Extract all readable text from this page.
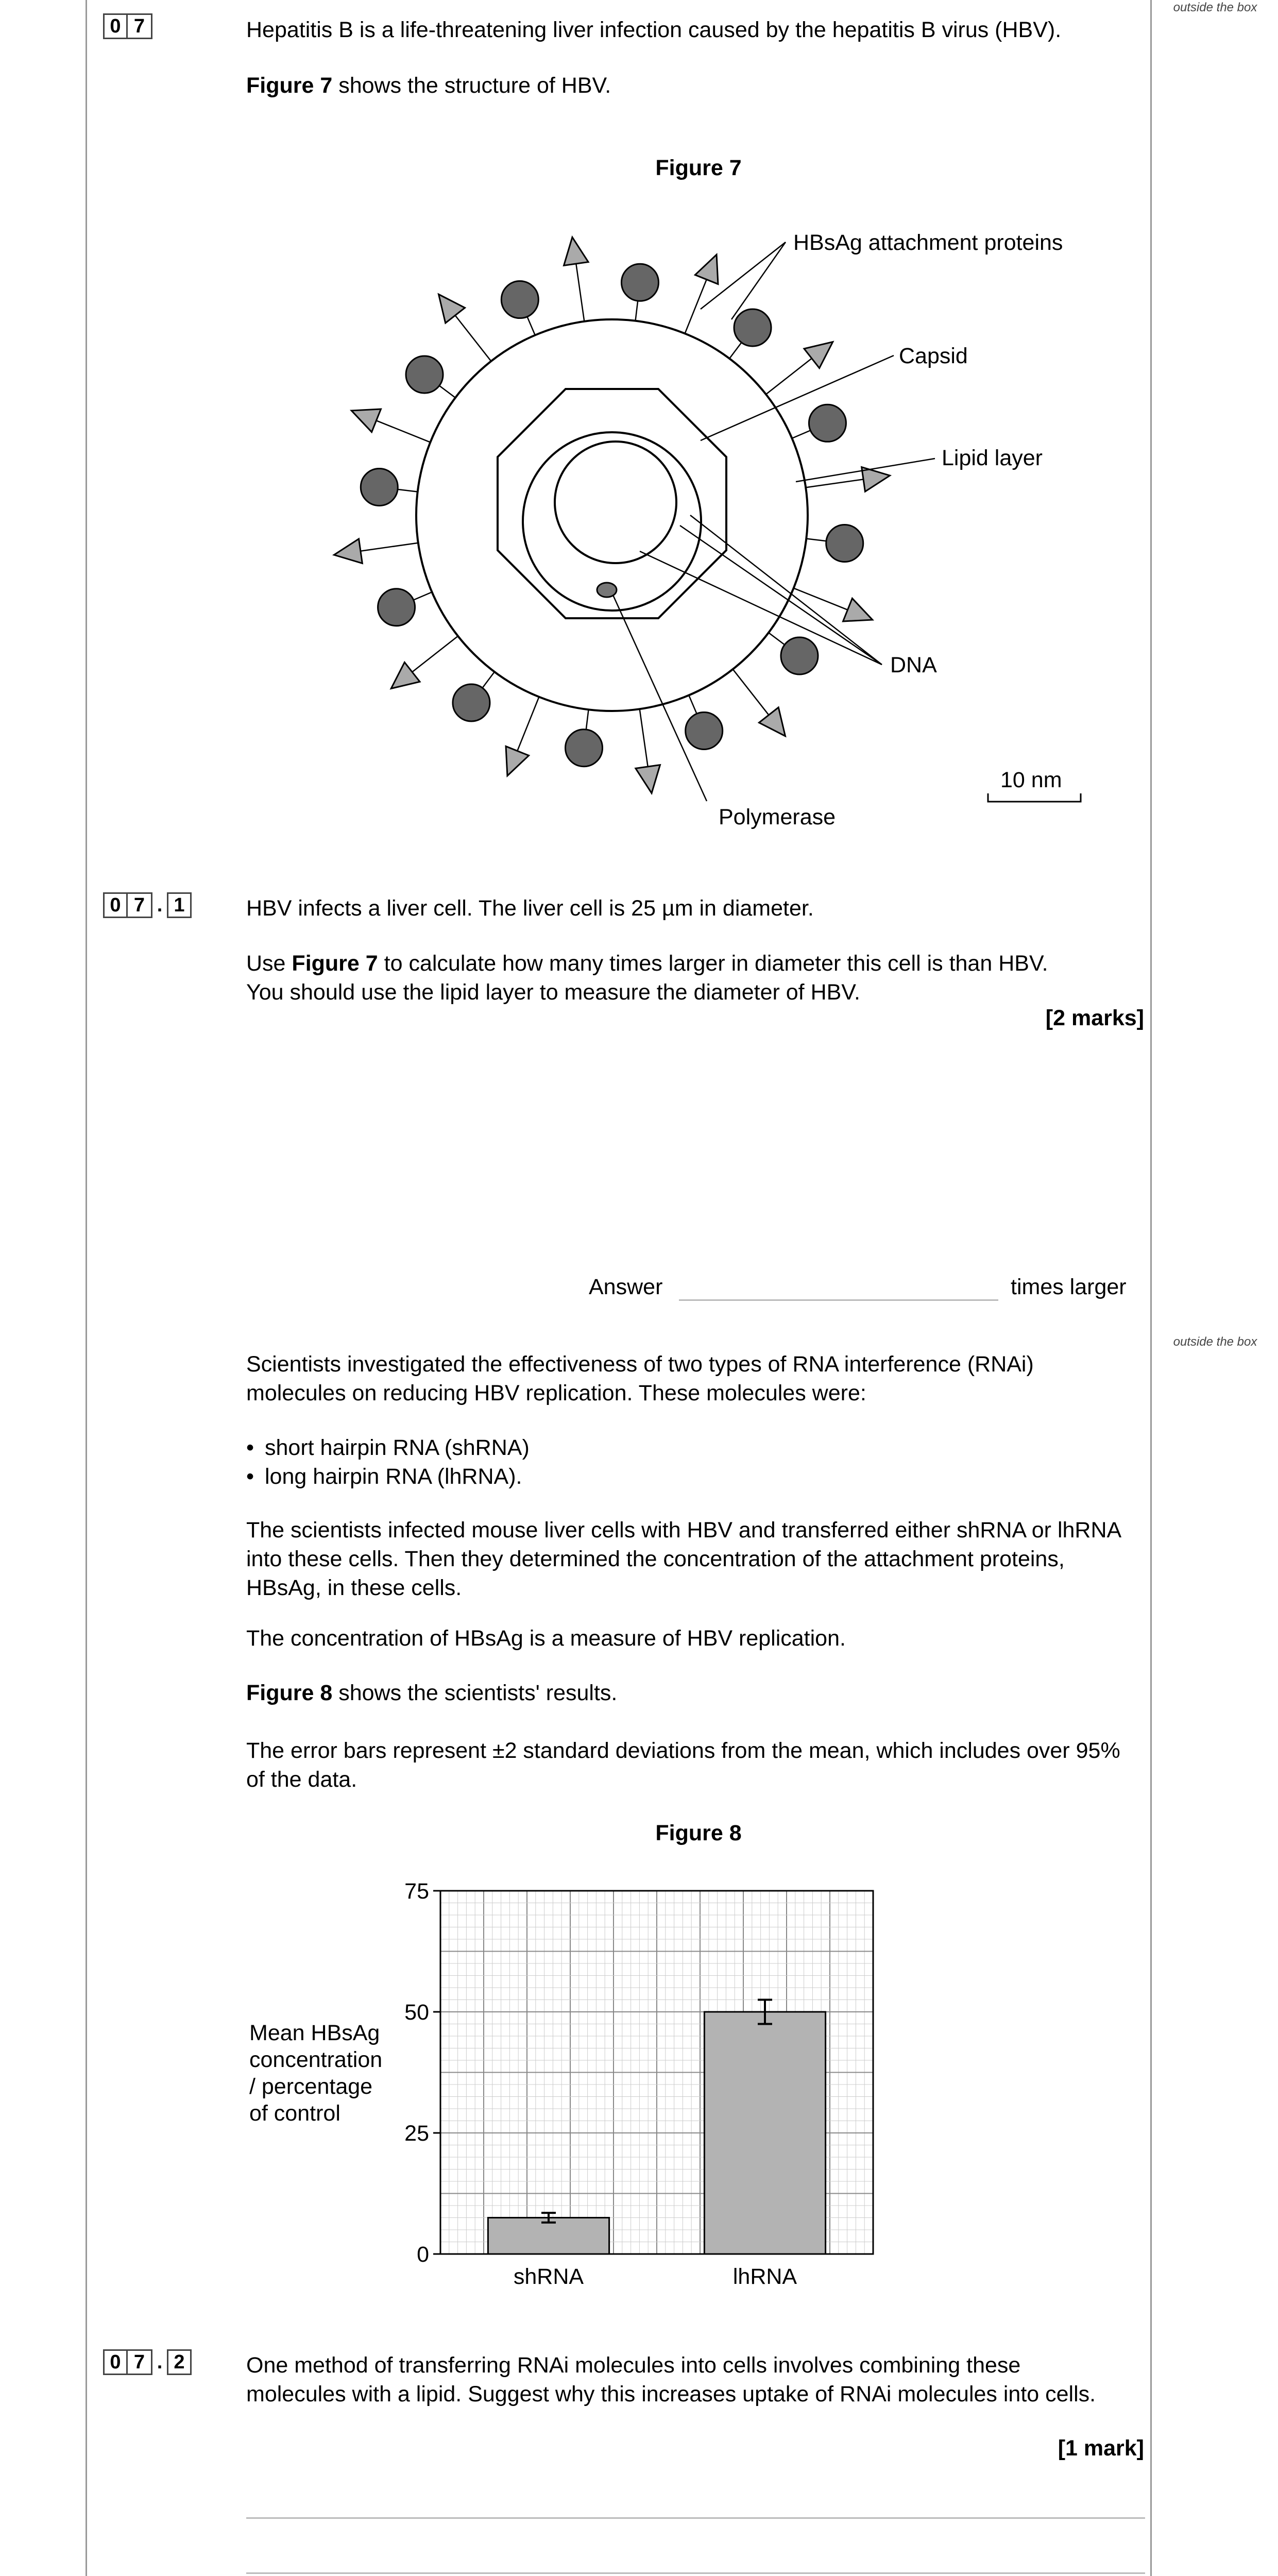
outside the box
outside the box
0 7	Hepatitis B is a life-threatening liver infection caused by the hepatitis B virus (HBV).
Figure 7 shows the structure of HBV.
Figure 7
HBsAg attachment proteins
Capsid
Lipid layer
DNA
Polymerase
10 nm
0 7 . 1	HBV infects a liver cell. The liver cell is 25 µm in diameter.
Use Figure 7 to calculate how many times larger in diameter this cell is than HBV.
You should use the lipid layer to measure the diameter of HBV.
[2 marks]
Answer	times larger
Scientists investigated the effectiveness of two types of RNA interference (RNAi) molecules on reducing HBV replication. These molecules were:
• short hairpin RNA (shRNA)
• long hairpin RNA (lhRNA).
The scientists infected mouse liver cells with HBV and transferred either shRNA or lhRNA into these cells. Then they determined the concentration of the attachment proteins, HBsAg, in these cells.
The concentration of HBsAg is a measure of HBV replication.
Figure 8 shows the scientists' results.
The error bars represent ±2 standard deviations from the mean, which includes over 95% of the data.
Figure 8
Mean HBsAg
concentration
/ percentage
of control
0
25
50
75
shRNA	lhRNA
0 7 . 2	One method of transferring RNAi molecules into cells involves combining these molecules with a lipid. Suggest why this increases uptake of RNAi molecules into cells.
[1 mark]
